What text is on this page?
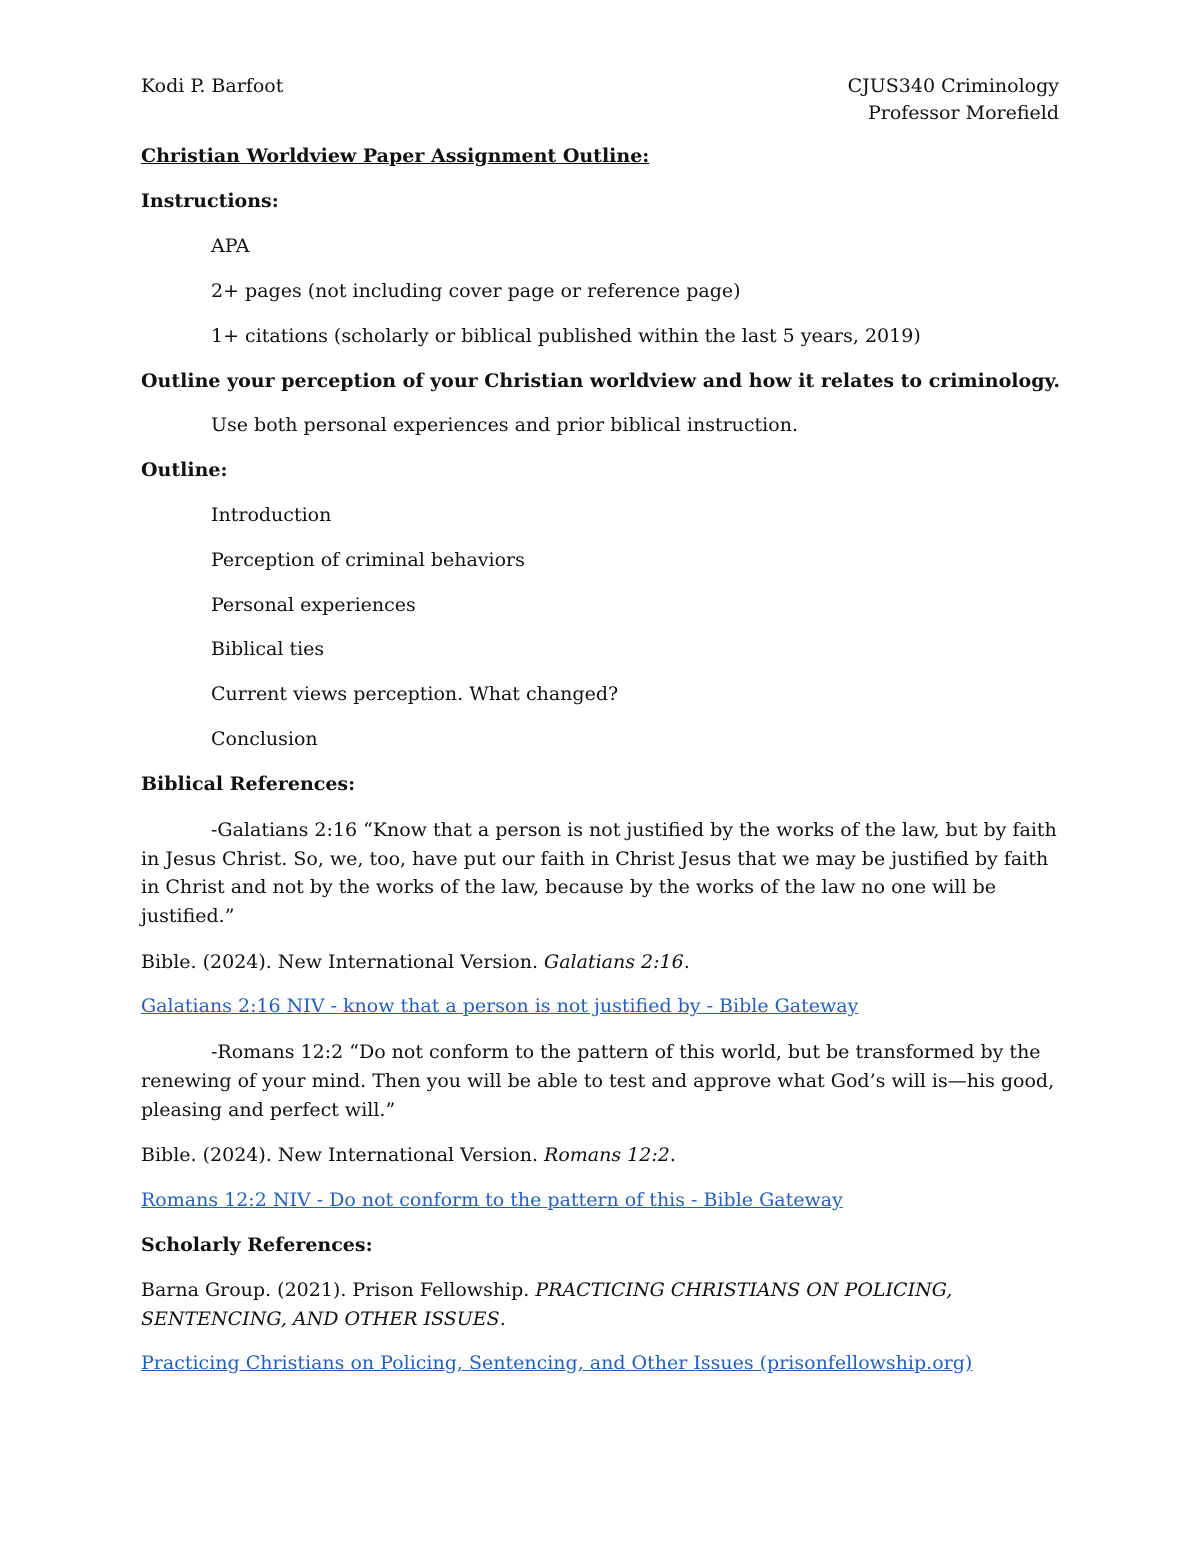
Kodi P. Barfoot	CJUS340 Criminology

Professor Morefield

Christian Worldview Paper Assignment Outline:

Instructions:

APA

2+ pages (not including cover page or reference page)

1+ citations (scholarly or biblical published within the last 5 years, 2019)

Outline your perception of your Christian worldview and how it relates to criminology.

Use both personal experiences and prior biblical instruction.

Outline:

Introduction

Perception of criminal behaviors

Personal experiences

Biblical ties

Current views perception. What changed?

Conclusion

Biblical References:

-Galatians 2:16 “Know that a person is not justified by the works of the law, but by faith

in Jesus Christ. So, we, too, have put our faith in Christ Jesus that we may be justified by faith

in Christ and not by the works of the law, because by the works of the law no one will be

justified.”

Bible. (2024). New International Version. Galatians 2:16.

Galatians 2:16 NIV - know that a person is not justified by - Bible Gateway

-Romans 12:2 “Do not conform to the pattern of this world, but be transformed by the

renewing of your mind. Then you will be able to test and approve what God’s will is—his good,

pleasing and perfect will.”

Bible. (2024). New International Version. Romans 12:2.

Romans 12:2 NIV - Do not conform to the pattern of this - Bible Gateway

Scholarly References:

Barna Group. (2021). Prison Fellowship. PRACTICING CHRISTIANS ON POLICING,

SENTENCING, AND OTHER ISSUES.

Practicing Christians on Policing, Sentencing, and Other Issues (prisonfellowship.org)
